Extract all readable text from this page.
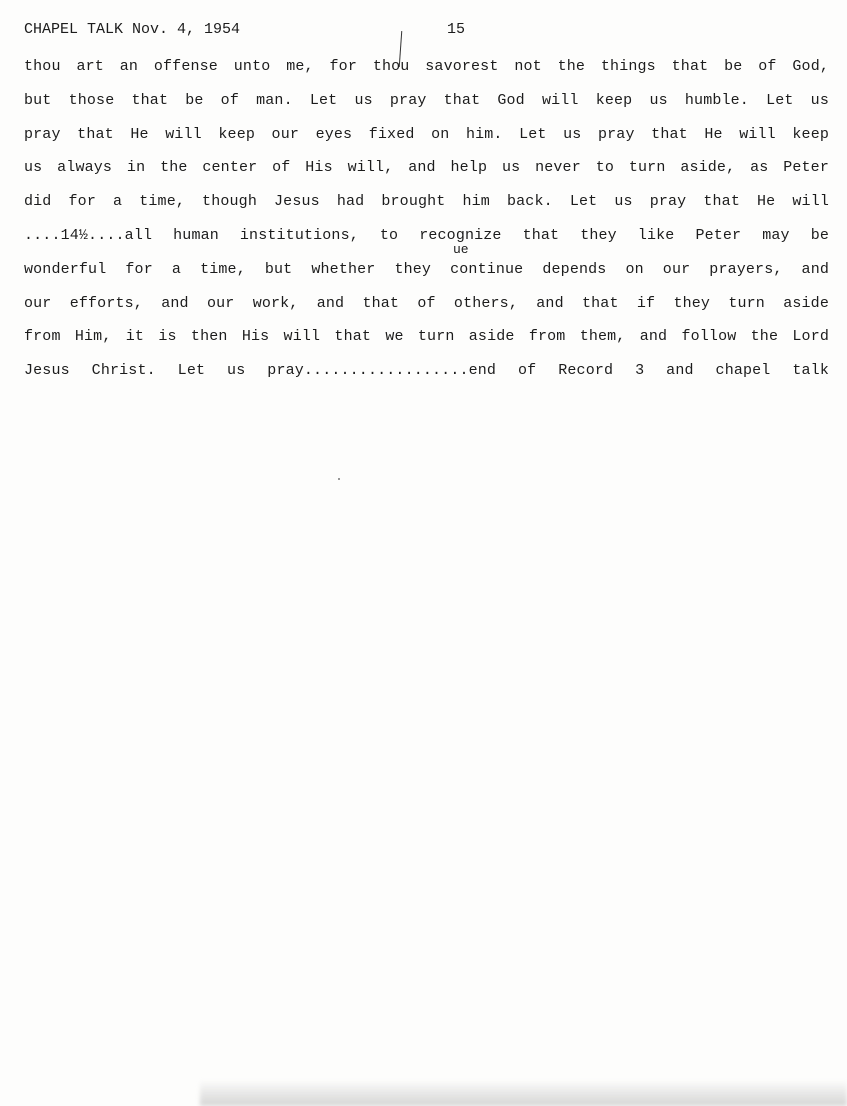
CHAPEL TALK Nov. 4, 1954	15
thou art an offense unto me, for thou savorest not the things that be of God,
but those that be of man. Let us pray that God will keep us humble. Let us
pray that He will keep our eyes fixed on him. Let us pray that He will keep
us always in the center of His will, and help us never to turn aside, as Peter
did for a time, though Jesus had brought him back. Let us pray that He will
....14½....all human institutions, to recognize that they like Peter may be
wonderful for a time, but whether they continue depends on our prayers, and
our efforts, and our work, and that of others, and that if they turn aside
from Him, it is then His will that we turn aside from them, and follow the Lord
Jesus Christ. Let us pray..................end of Record 3 and chapel talk
ue
